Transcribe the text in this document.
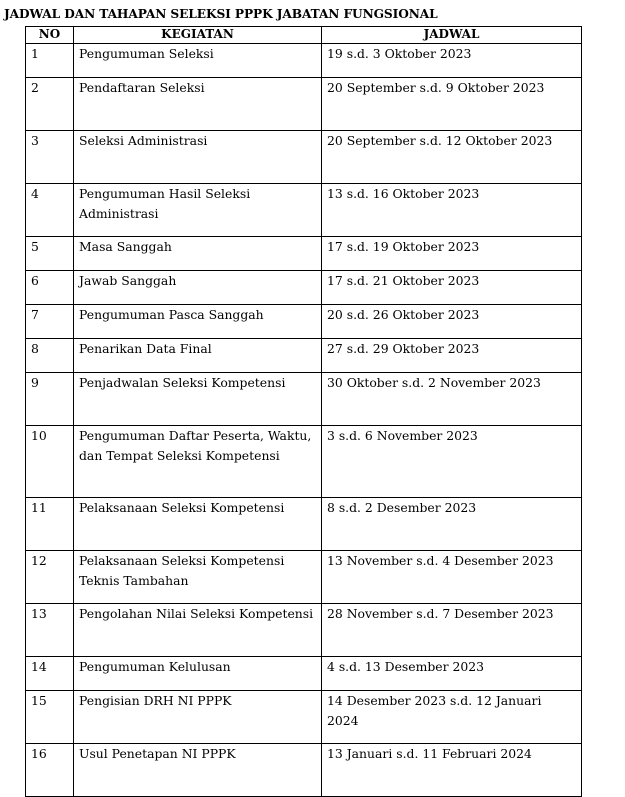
JADWAL DAN TAHAPAN SELEKSI PPPK JABATAN FUNGSIONAL
NO	KEGIATAN	JADWAL
1	Pengumuman Seleksi	19 s.d. 3 Oktober 2023
2	Pendaftaran Seleksi	20 September s.d. 9 Oktober 2023
3	Seleksi Administrasi	20 September s.d. 12 Oktober 2023
4	Pengumuman Hasil Seleksi Administrasi	13 s.d. 16 Oktober 2023
5	Masa Sanggah	17 s.d. 19 Oktober 2023
6	Jawab Sanggah	17 s.d. 21 Oktober 2023
7	Pengumuman Pasca Sanggah	20 s.d. 26 Oktober 2023
8	Penarikan Data Final	27 s.d. 29 Oktober 2023
9	Penjadwalan Seleksi Kompetensi	30 Oktober s.d. 2 November 2023
10	Pengumuman Daftar Peserta, Waktu, dan Tempat Seleksi Kompetensi	3 s.d. 6 November 2023
11	Pelaksanaan Seleksi Kompetensi	8 s.d. 2 Desember 2023
12	Pelaksanaan Seleksi Kompetensi Teknis Tambahan	13 November s.d. 4 Desember 2023
13	Pengolahan Nilai Seleksi Kompetensi	28 November s.d. 7 Desember 2023
14	Pengumuman Kelulusan	4 s.d. 13 Desember 2023
15	Pengisian DRH NI PPPK	14 Desember 2023 s.d. 12 Januari 2024
16	Usul Penetapan NI PPPK	13 Januari s.d. 11 Februari 2024
